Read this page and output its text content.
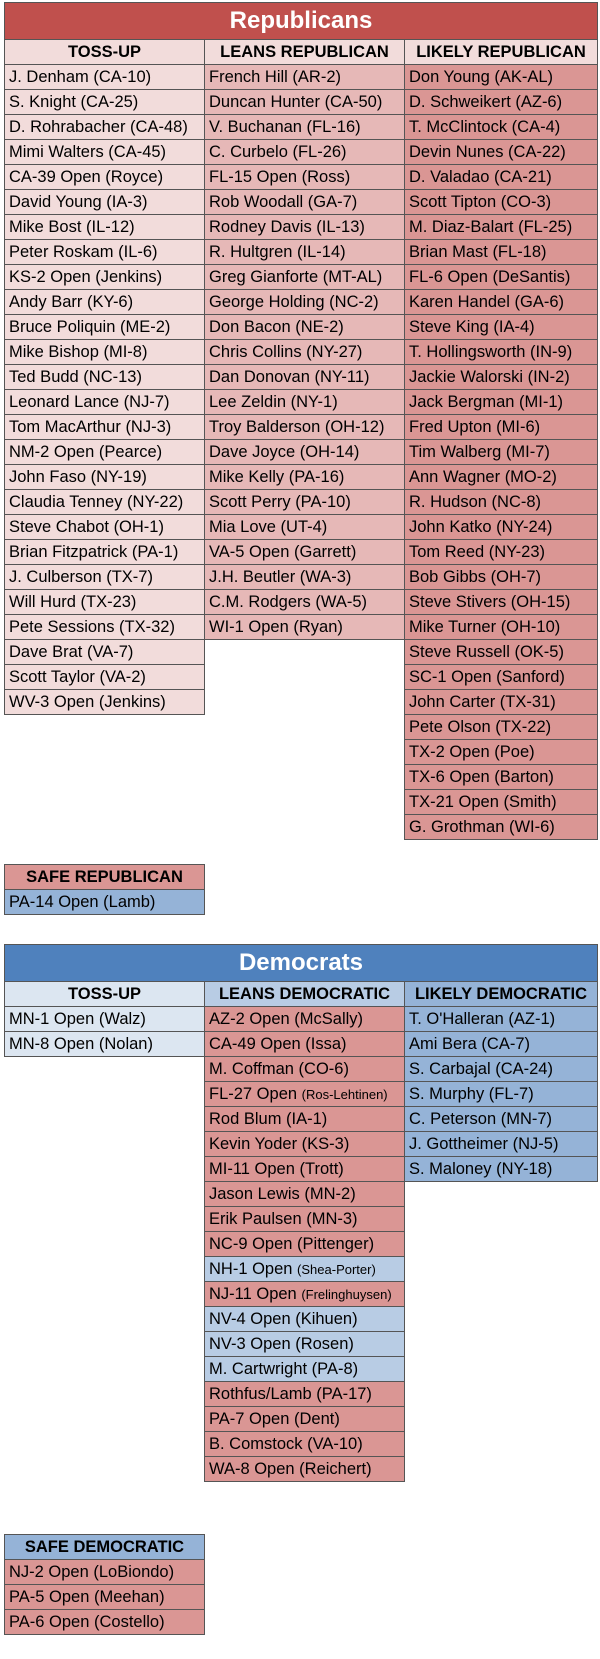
Republicans
TOSS-UP
J. Denham (CA-10)
S. Knight (CA-25)
D. Rohrabacher (CA-48)
Mimi Walters (CA-45)
CA-39 Open (Royce)
David Young (IA-3)
Mike Bost (IL-12)
Peter Roskam (IL-6)
KS-2 Open (Jenkins)
Andy Barr (KY-6)
Bruce Poliquin (ME-2)
Mike Bishop (MI-8)
Ted Budd (NC-13)
Leonard Lance (NJ-7)
Tom MacArthur (NJ-3)
NM-2 Open (Pearce)
John Faso (NY-19)
Claudia Tenney (NY-22)
Steve Chabot (OH-1)
Brian Fitzpatrick (PA-1)
J. Culberson (TX-7)
Will Hurd (TX-23)
Pete Sessions (TX-32)
Dave Brat (VA-7)
Scott Taylor (VA-2)
WV-3 Open (Jenkins)
LEANS REPUBLICAN
French Hill (AR-2)
Duncan Hunter (CA-50)
V. Buchanan (FL-16)
C. Curbelo (FL-26)
FL-15 Open (Ross)
Rob Woodall (GA-7)
Rodney Davis (IL-13)
R. Hultgren (IL-14)
Greg Gianforte (MT-AL)
George Holding (NC-2)
Don Bacon (NE-2)
Chris Collins (NY-27)
Dan Donovan (NY-11)
Lee Zeldin (NY-1)
Troy Balderson (OH-12)
Dave Joyce (OH-14)
Mike Kelly (PA-16)
Scott Perry (PA-10)
Mia Love (UT-4)
VA-5 Open (Garrett)
J.H. Beutler (WA-3)
C.M. Rodgers (WA-5)
WI-1 Open (Ryan)
LIKELY REPUBLICAN
Don Young (AK-AL)
D. Schweikert (AZ-6)
T. McClintock (CA-4)
Devin Nunes (CA-22)
D. Valadao (CA-21)
Scott Tipton (CO-3)
M. Diaz-Balart (FL-25)
Brian Mast (FL-18)
FL-6 Open (DeSantis)
Karen Handel (GA-6)
Steve King (IA-4)
T. Hollingsworth (IN-9)
Jackie Walorski (IN-2)
Jack Bergman (MI-1)
Fred Upton (MI-6)
Tim Walberg (MI-7)
Ann Wagner (MO-2)
R. Hudson (NC-8)
John Katko (NY-24)
Tom Reed (NY-23)
Bob Gibbs (OH-7)
Steve Stivers (OH-15)
Mike Turner (OH-10)
Steve Russell (OK-5)
SC-1 Open (Sanford)
John Carter (TX-31)
Pete Olson (TX-22)
TX-2 Open (Poe)
TX-6 Open (Barton)
TX-21 Open (Smith)
G. Grothman (WI-6)
SAFE REPUBLICAN
PA-14 Open (Lamb)
Democrats
TOSS-UP
MN-1 Open (Walz)
MN-8 Open (Nolan)
LEANS DEMOCRATIC
AZ-2 Open (McSally)
CA-49 Open (Issa)
M. Coffman (CO-6)
FL-27 Open (Ros-Lehtinen)
Rod Blum (IA-1)
Kevin Yoder (KS-3)
MI-11 Open (Trott)
Jason Lewis (MN-2)
Erik Paulsen (MN-3)
NC-9 Open (Pittenger)
NH-1 Open (Shea-Porter)
NJ-11 Open (Frelinghuysen)
NV-4 Open (Kihuen)
NV-3 Open (Rosen)
M. Cartwright (PA-8)
Rothfus/Lamb (PA-17)
PA-7 Open (Dent)
B. Comstock (VA-10)
WA-8 Open (Reichert)
LIKELY DEMOCRATIC
T. O'Halleran (AZ-1)
Ami Bera (CA-7)
S. Carbajal (CA-24)
S. Murphy (FL-7)
C. Peterson (MN-7)
J. Gottheimer (NJ-5)
S. Maloney (NY-18)
SAFE DEMOCRATIC
NJ-2 Open (LoBiondo)
PA-5 Open (Meehan)
PA-6 Open (Costello)
